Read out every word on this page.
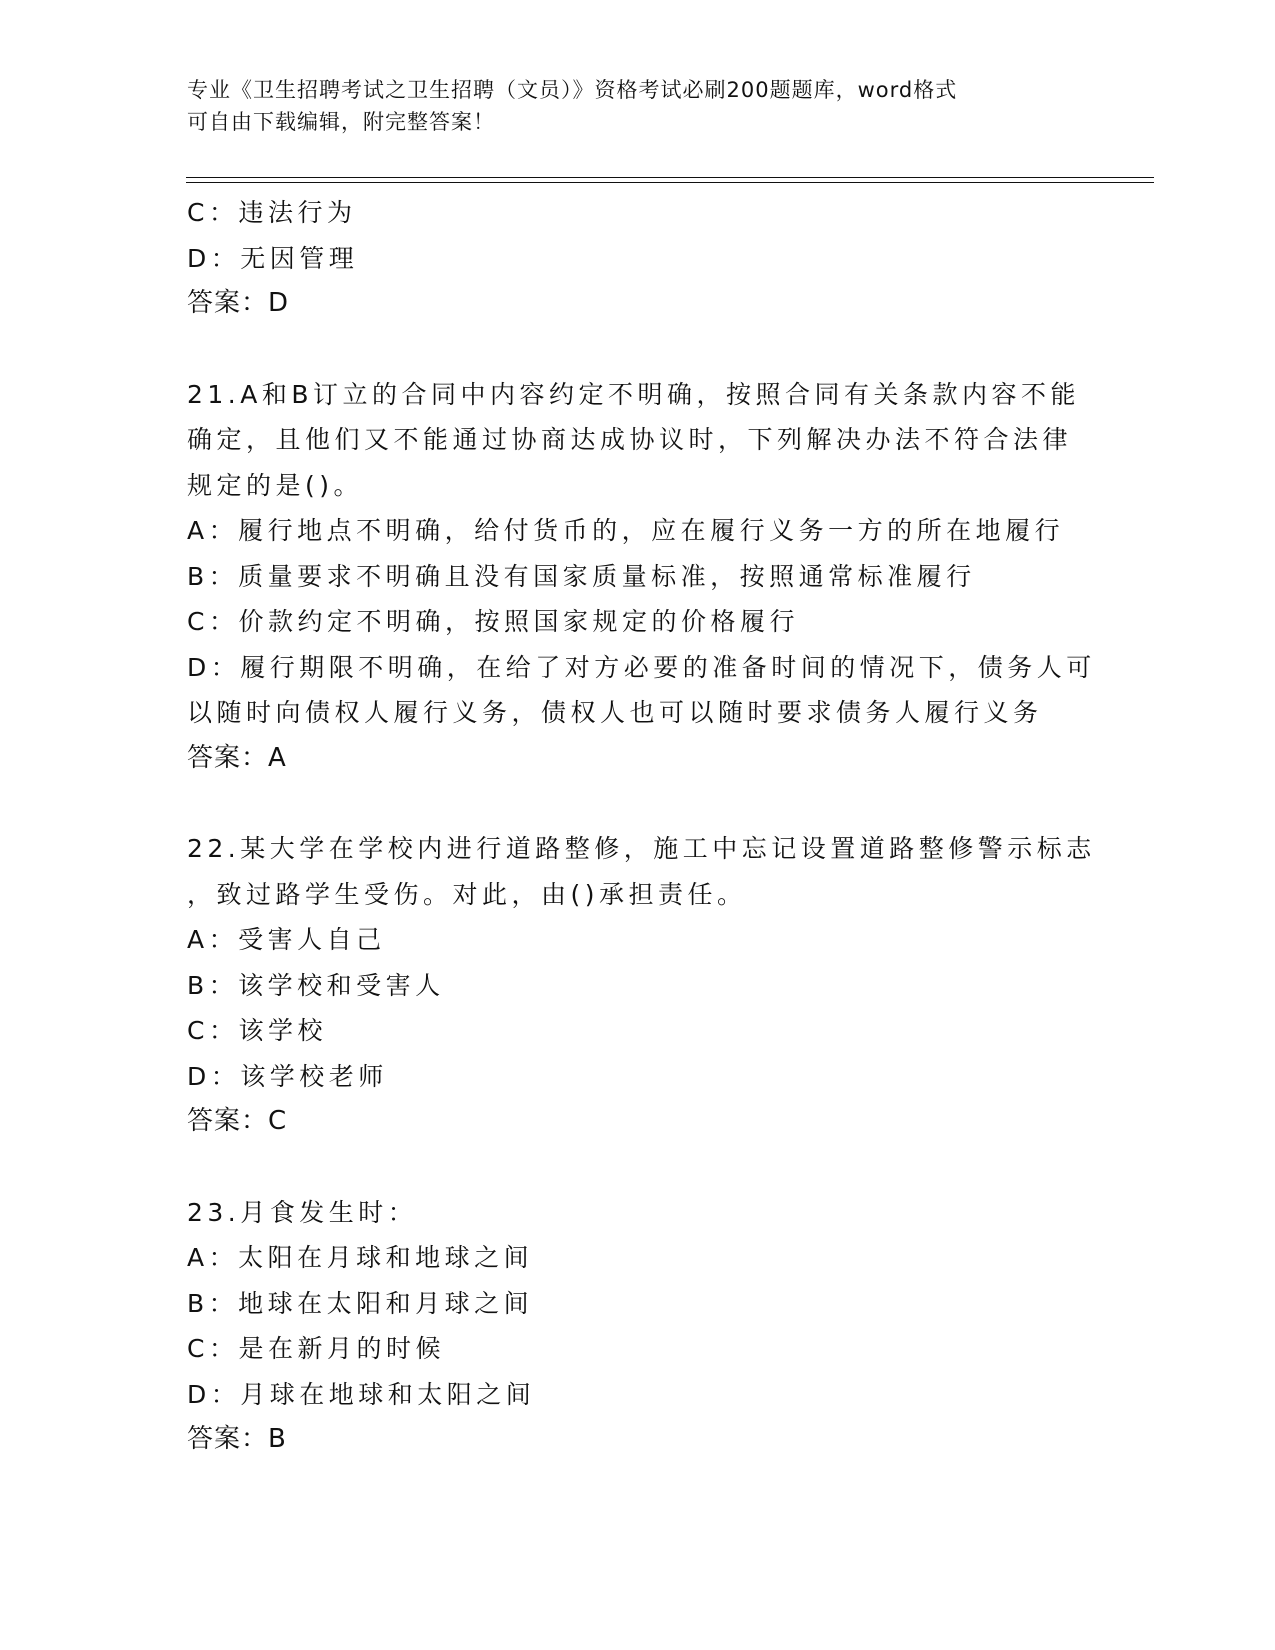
专业《卫生招聘考试之卫生招聘（文员）》资格考试必刷200题题库，word格式
可自由下载编辑，附完整答案！
C：违法行为
D：无因管理
答案：D
21.A和B订立的合同中内容约定不明确，按照合同有关条款内容不能
确定，且他们又不能通过协商达成协议时，下列解决办法不符合法律
规定的是()。
A：履行地点不明确，给付货币的，应在履行义务一方的所在地履行
B：质量要求不明确且没有国家质量标准，按照通常标准履行
C：价款约定不明确，按照国家规定的价格履行
D：履行期限不明确，在给了对方必要的准备时间的情况下，债务人可
以随时向债权人履行义务，债权人也可以随时要求债务人履行义务
答案：A
22.某大学在学校内进行道路整修，施工中忘记设置道路整修警示标志
，致过路学生受伤。对此，由()承担责任。
A：受害人自己
B：该学校和受害人
C：该学校
D：该学校老师
答案：C
23.月食发生时：
A：太阳在月球和地球之间
B：地球在太阳和月球之间
C：是在新月的时候
D：月球在地球和太阳之间
答案：B
